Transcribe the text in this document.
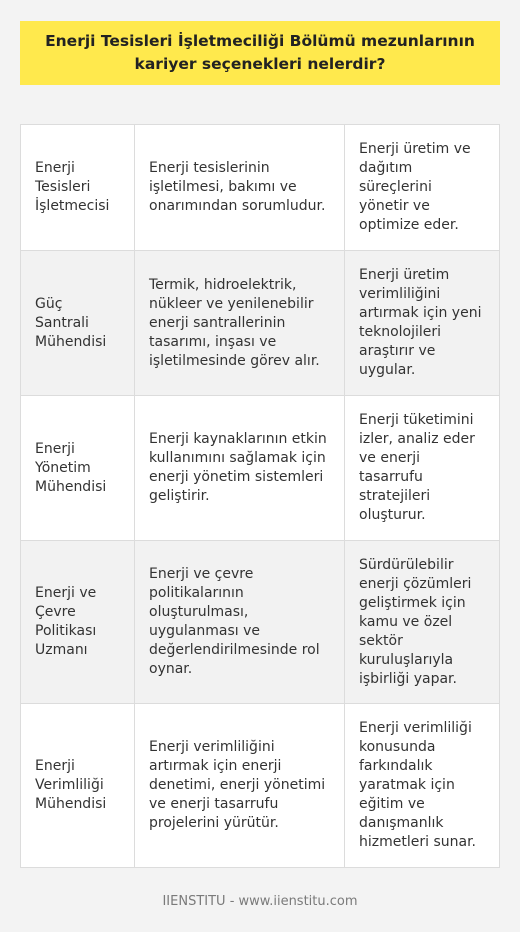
Enerji Tesisleri İşletmeciliği Bölümü mezunlarının kariyer seçenekleri nelerdir?
Enerji Tesisleri İşletmecisi
Enerji tesislerinin işletilmesi, bakımı ve onarımından sorumludur.
Enerji üretim ve dağıtım süreçlerini yönetir ve optimize eder.
Güç Santrali Mühendisi
Termik, hidroelektrik, nükleer ve yenilenebilir enerji santrallerinin tasarımı, inşası ve işletilmesinde görev alır.
Enerji üretim verimliliğini artırmak için yeni teknolojileri araştırır ve uygular.
Enerji Yönetim Mühendisi
Enerji kaynaklarının etkin kullanımını sağlamak için enerji yönetim sistemleri geliştirir.
Enerji tüketimini izler, analiz eder ve enerji tasarrufu stratejileri oluşturur.
Enerji ve Çevre Politikası Uzmanı
Enerji ve çevre politikalarının oluşturulması, uygulanması ve değerlendirilmesinde rol oynar.
Sürdürülebilir enerji çözümleri geliştirmek için kamu ve özel sektör kuruluşlarıyla işbirliği yapar.
Enerji Verimliliği Mühendisi
Enerji verimliliğini artırmak için enerji denetimi, enerji yönetimi ve enerji tasarrufu projelerini yürütür.
Enerji verimliliği konusunda farkındalık yaratmak için eğitim ve danışmanlık hizmetleri sunar.
IIENSTITU - www.iienstitu.com
